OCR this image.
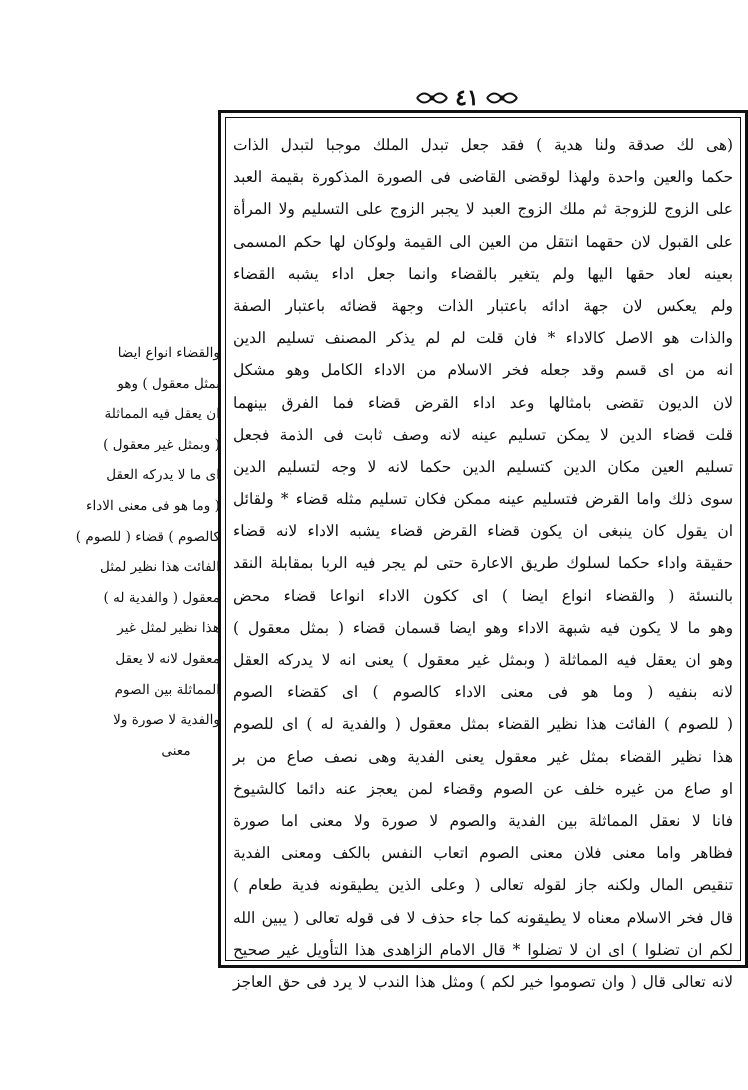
٤١
(هى لك صدقة ولنا هدية ) فقد جعل تبدل الملك موجبا لتبدل الذات
حكما والعين واحدة ولهذا لوقضى القاضى فى الصورة المذكورة بقيمة العبد
على الزوج للزوجة ثم ملك الزوج العبد لا يجبر الزوج على التسليم ولا المرأة
على القبول لان حقهما انتقل من العين الى القيمة ولوكان لها حكم المسمى
بعينه لعاد حقها اليها ولم يتغير بالقضاء وانما جعل اداء يشبه القضاء
ولم يعكس لان جهة ادائه باعتبار الذات وجهة قضائه باعتبار الصفة
والذات هو الاصل كالاداء * فان قلت لم لم يذكر المصنف تسليم الدين
انه من اى قسم وقد جعله فخر الاسلام من الاداء الكامل وهو مشكل
لان الديون تقضى بامثالها وعد اداء القرض قضاء فما الفرق بينهما
قلت قضاء الدين لا يمكن تسليم عينه لانه وصف ثابت فى الذمة فجعل
تسليم العين مكان الدين كتسليم الدين حكما لانه لا وجه لتسليم الدين
سوى ذلك واما القرض فتسليم عينه ممكن فكان تسليم مثله قضاء * ولقائل
ان يقول كان ينبغى ان يكون قضاء القرض قضاء يشبه الاداء لانه قضاء
حقيقة واداء حكما لسلوك طريق الاعارة حتى لم يجر فيه الربا بمقابلة النقد
بالنسئة ( والقضاء انواع ايضا ) اى ككون الاداء انواعا قضاء محض
وهو ما لا يكون فيه شبهة الاداء وهو ايضا قسمان قضاء ( بمثل معقول )
وهو ان يعقل فيه المماثلة ( وبمثل غير معقول ) يعنى انه لا يدركه العقل
لانه بنفيه ( وما هو فى معنى الاداء كالصوم ) اى كقضاء الصوم
( للصوم ) الفائت هذا نظير القضاء بمثل معقول ( والفدية له ) اى للصوم
هذا نظير القضاء بمثل غير معقول يعنى الفدية وهى نصف صاع من بر
او صاع من غيره خلف عن الصوم وقضاء لمن يعجز عنه دائما كالشيوخ
فانا لا نعقل المماثلة بين الفدية والصوم لا صورة ولا معنى اما صورة
فظاهر واما معنى فلان معنى الصوم اتعاب النفس بالكف ومعنى الفدية
تنقيص المال ولكنه جاز لقوله تعالى ( وعلى الذين يطيقونه فدية طعام )
قال فخر الاسلام معناه لا يطيقونه كما جاء حذف لا فى قوله تعالى ( يبين الله
لكم ان تضلوا ) اى ان لا تضلوا * قال الامام الزاهدى هذا التأويل غير صحيح
لانه تعالى قال ( وان تصوموا خير لكم ) ومثل هذا الندب لا يرد فى حق العاجز
والقضاء انواع ايضا
بمثل معقول ) وهو
ان يعقل فيه المماثلة
( وبمثل غير معقول )
اى ما لا يدركه العقل
( وما هو فى معنى الاداء
كالصوم ) قضاء ( للصوم )
الفائت هذا نظير لمثل
معقول ( والفدية له )
هذا نظير لمثل غير
معقول لانه لا يعقل
المماثلة بين الصوم
والفدية لا صورة ولا
معنى
